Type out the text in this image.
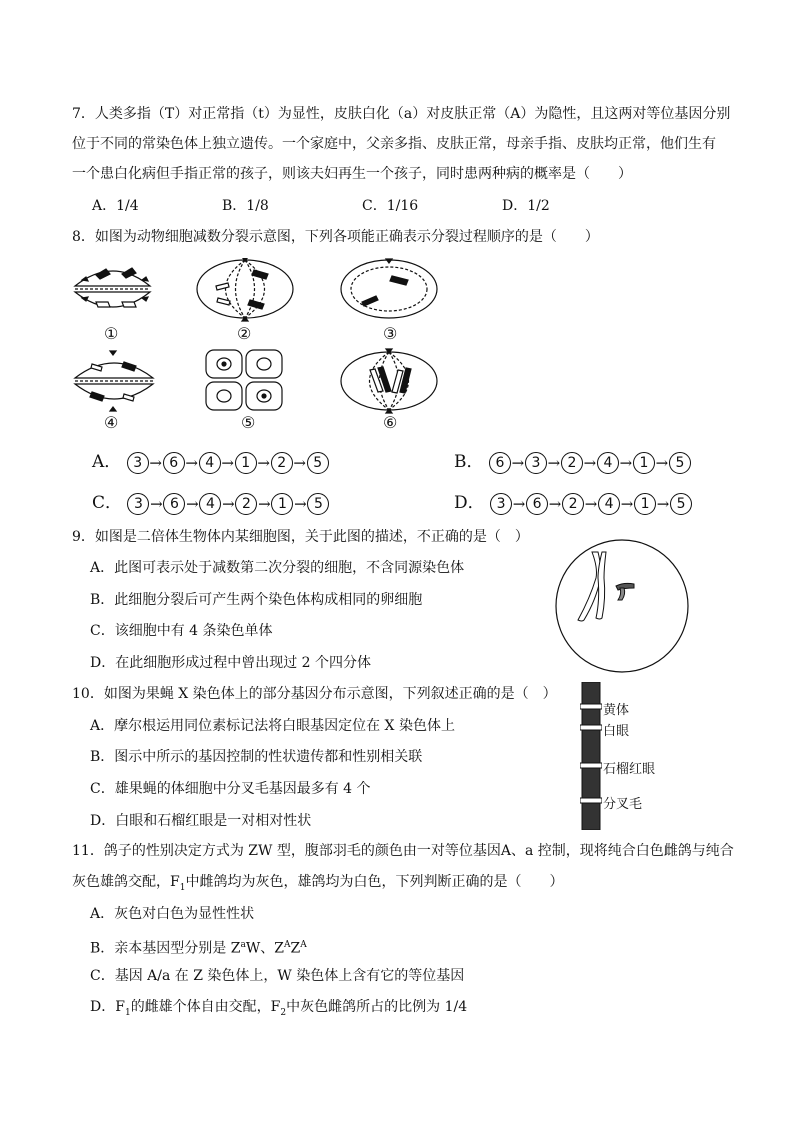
7．人类多指（T）对正常指（t）为显性，皮肤白化（a）对皮肤正常（A）为隐性，且这两对等位基因分别
位于不同的常染色体上独立遗传。一个家庭中，父亲多指、皮肤正常，母亲手指、皮肤均正常，他们生有
一个患白化病但手指正常的孩子，则该夫妇再生一个孩子，同时患两种病的概率是（　　）
A．1/4	B．1/8	C．1/16	D．1/2
8．如图为动物细胞减数分裂示意图，下列各项能正确表示分裂过程顺序的是（　　）
①	②	③
④	⑤	⑥
A． 3 → 6 → 4 → 1 → 2 → 5	B． 6 → 3 → 2 → 4 → 1 → 5
C． 3 → 6 → 4 → 2 → 1 → 5	D． 3 → 6 → 2 → 4 → 1 → 5
9．如图是二倍体生物体内某细胞图，关于此图的描述，不正确的是（　）
A．此图可表示处于减数第二次分裂的细胞，不含同源染色体
B．此细胞分裂后可产生两个染色体构成相同的卵细胞
C．该细胞中有 4 条染色单体
D．在此细胞形成过程中曾出现过 2 个四分体
10．如图为果蝇 X 染色体上的部分基因分布示意图，下列叙述正确的是（　）
A．摩尔根运用同位素标记法将白眼基因定位在 X 染色体上
B．图示中所示的基因控制的性状遗传都和性别相关联
C．雄果蝇的体细胞中分叉毛基因最多有 4 个
D．白眼和石榴红眼是一对相对性状
黄体
白眼
石榴红眼
分叉毛
11．鸽子的性别决定方式为 ZW 型，腹部羽毛的颜色由一对等位基因A、a 控制，现将纯合白色雌鸽与纯合
灰色雄鸽交配，$F_1$中雌鸽均为灰色，雄鸽均为白色，下列判断正确的是（　　）
A．灰色对白色为显性性状
B．亲本基因型分别是 $Z^aW$、$Z^AZ^A$
C．基因 A/a 在 Z 染色体上，W 染色体上含有它的等位基因
D．$F_1$的雌雄个体自由交配，$F_2$中灰色雌鸽所占的比例为 1/4
